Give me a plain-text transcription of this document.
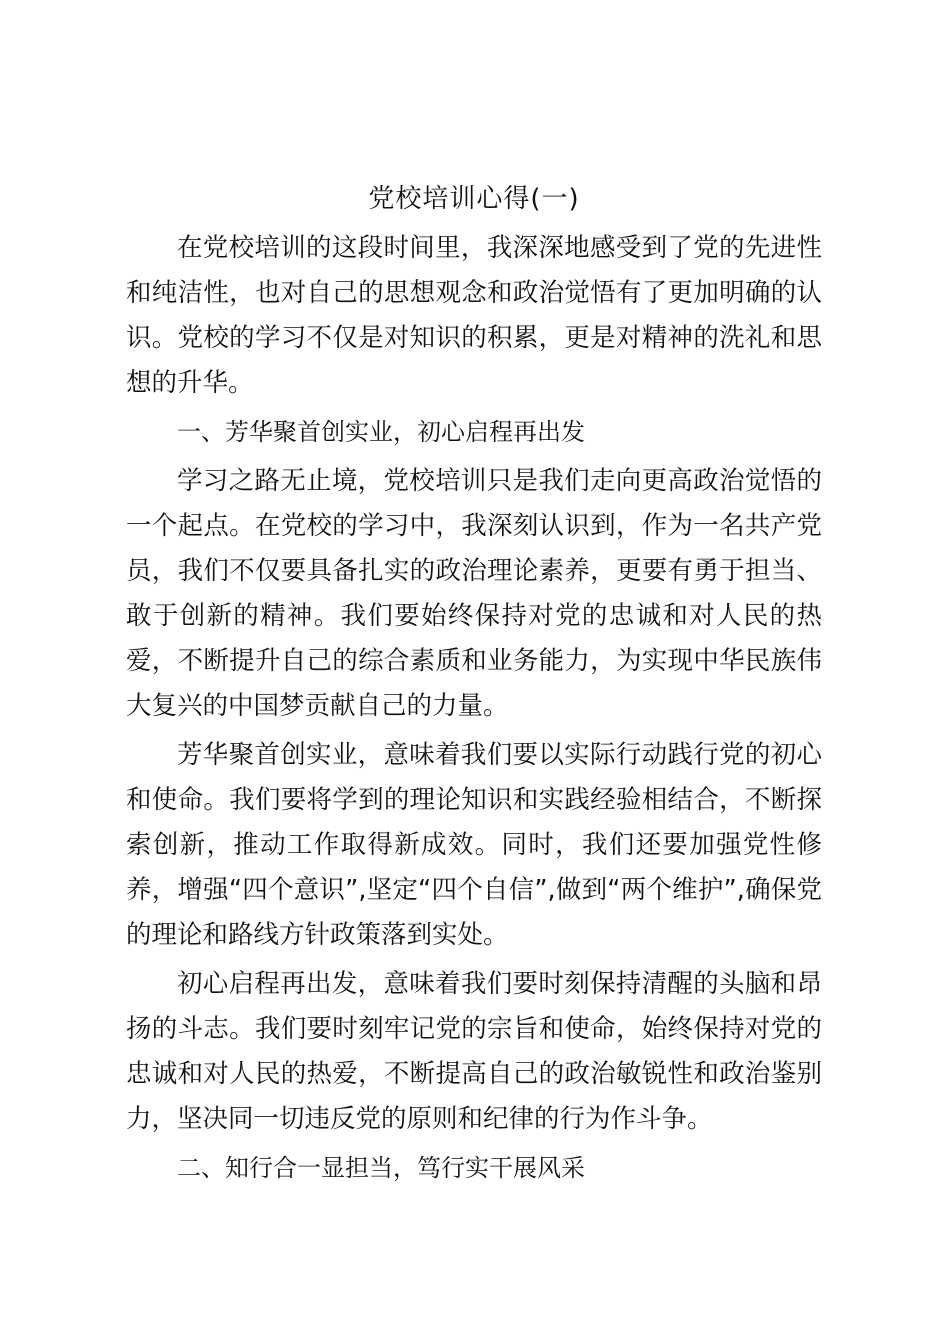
党校培训心得(一)

在党校培训的这段时间里，我深深地感受到了党的先进性和纯洁性，也对自己的思想观念和政治觉悟有了更加明确的认识。党校的学习不仅是对知识的积累，更是对精神的洗礼和思想的升华。

一、芳华聚首创实业，初心启程再出发

学习之路无止境，党校培训只是我们走向更高政治觉悟的一个起点。在党校的学习中，我深刻认识到，作为一名共产党员，我们不仅要具备扎实的政治理论素养，更要有勇于担当、敢于创新的精神。我们要始终保持对党的忠诚和对人民的热爱，不断提升自己的综合素质和业务能力，为实现中华民族伟大复兴的中国梦贡献自己的力量。

芳华聚首创实业，意味着我们要以实际行动践行党的初心和使命。我们要将学到的理论知识和实践经验相结合，不断探索创新，推动工作取得新成效。同时，我们还要加强党性修养，增强“四个意识”,坚定“四个自信”,做到“两个维护”,确保党的理论和路线方针政策落到实处。

初心启程再出发，意味着我们要时刻保持清醒的头脑和昂扬的斗志。我们要时刻牢记党的宗旨和使命，始终保持对党的忠诚和对人民的热爱，不断提高自己的政治敏锐性和政治鉴别力，坚决同一切违反党的原则和纪律的行为作斗争。

二、知行合一显担当，笃行实干展风采
